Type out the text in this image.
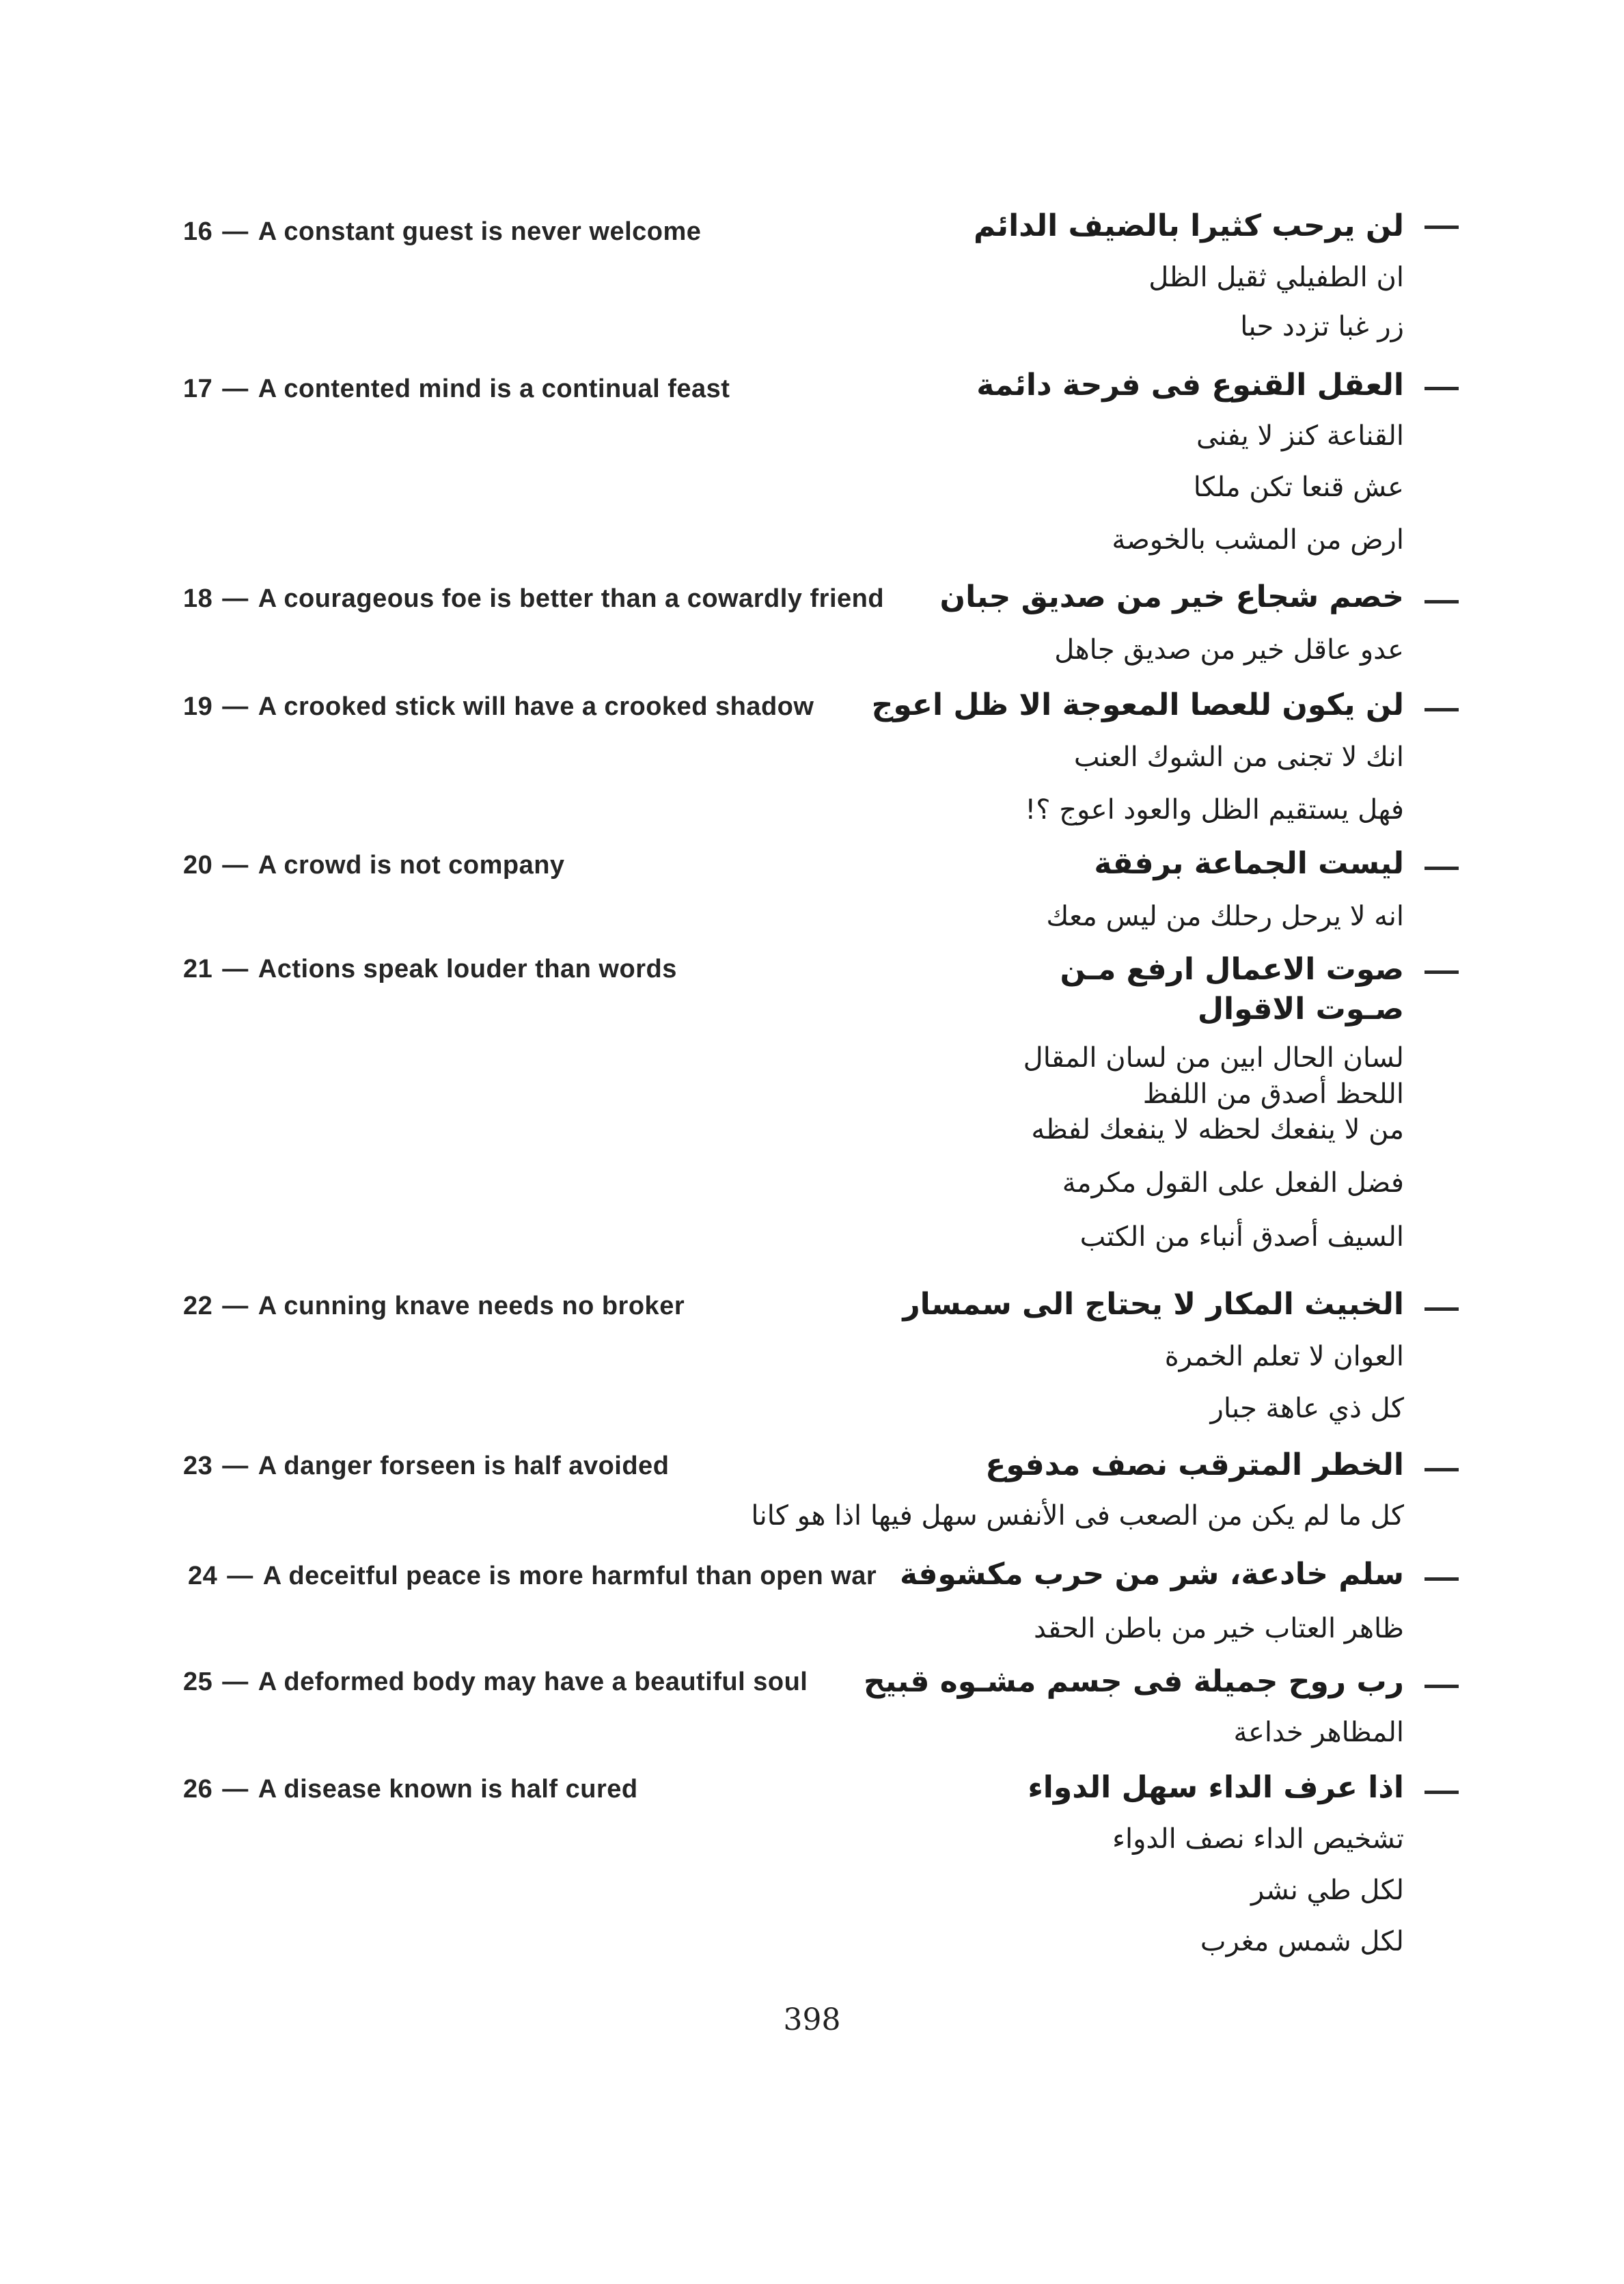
16 — A constant guest is never welcome	لن يرحب كثيرا بالضيف الدائم
ان الطفيلي ثقيل الظل
زر غبا تزدد حبا
17 — A contented mind is a continual feast	العقل القنوع فى فرحة دائمة
القناعة كنز لا يفنى
عش قنعا تكن ملكا
ارض من المشب بالخوصة
18 — A courageous foe is better than a cowardly friend خصم شجاع خير من صديق جبان
عدو عاقل خير من صديق جاهل
19 — A crooked stick will have a crooked shadow لن يكون للعصا المعوجة الا ظل اعوج
انك لا تجنى من الشوك العنب
فهل يستقيم الظل والعود اعوج ؟!
20 — A crowd is not company	ليست الجماعة برفقة
انه لا يرحل رحلك من ليس معك
21 — Actions speak louder than words	صوت الاعمال ارفع مـن صـوت الاقوال
لسان الحال ابين من لسان المقال
اللحظ أصدق من اللفظ
من لا ينفعك لحظه لا ينفعك لفظه
فضل الفعل على القول مكرمة
السيف أصدق أنباء من الكتب
22 — A cunning knave needs no broker	الخبيث المكار لا يحتاج الى سمسار
العوان لا تعلم الخمرة
كل ذي عاهة جبار
23 — A danger forseen is half avoided	الخطر المترقب نصف مدفوع
كل ما لم يكن من الصعب فى الأنفس سهل فيها اذا هو كانا
24 — A deceitful peace is more harmful than open war سلم خادعة، شر من حرب مكشوفة
ظاهر العتاب خير من باطن الحقد
25 — A deformed body may have a beautiful soul رب روح جميلة فى جسم مشـوه قبيح
المظاهر خداعة
26 — A disease known is half cured	اذا عرف الداء سهل الدواء
تشخيص الداء نصف الدواء
لكل طي نشر
لكل شمس مغرب
398
